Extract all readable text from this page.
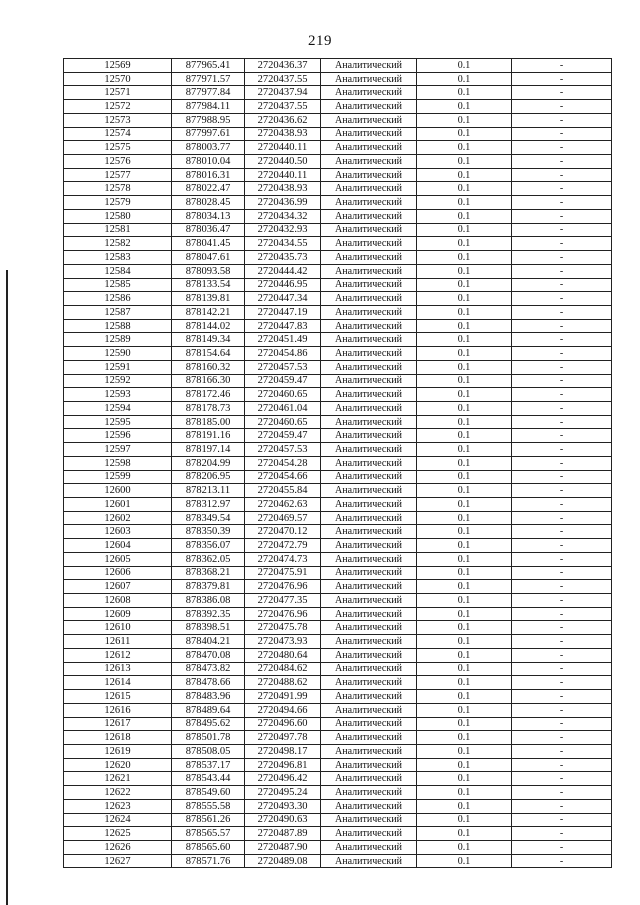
219
12569	877965.41	2720436.37	Аналитический	0.1	-
12570	877971.57	2720437.55	Аналитический	0.1	-
12571	877977.84	2720437.94	Аналитический	0.1	-
12572	877984.11	2720437.55	Аналитический	0.1	-
12573	877988.95	2720436.62	Аналитический	0.1	-
12574	877997.61	2720438.93	Аналитический	0.1	-
12575	878003.77	2720440.11	Аналитический	0.1	-
12576	878010.04	2720440.50	Аналитический	0.1	-
12577	878016.31	2720440.11	Аналитический	0.1	-
12578	878022.47	2720438.93	Аналитический	0.1	-
12579	878028.45	2720436.99	Аналитический	0.1	-
12580	878034.13	2720434.32	Аналитический	0.1	-
12581	878036.47	2720432.93	Аналитический	0.1	-
12582	878041.45	2720434.55	Аналитический	0.1	-
12583	878047.61	2720435.73	Аналитический	0.1	-
12584	878093.58	2720444.42	Аналитический	0.1	-
12585	878133.54	2720446.95	Аналитический	0.1	-
12586	878139.81	2720447.34	Аналитический	0.1	-
12587	878142.21	2720447.19	Аналитический	0.1	-
12588	878144.02	2720447.83	Аналитический	0.1	-
12589	878149.34	2720451.49	Аналитический	0.1	-
12590	878154.64	2720454.86	Аналитический	0.1	-
12591	878160.32	2720457.53	Аналитический	0.1	-
12592	878166.30	2720459.47	Аналитический	0.1	-
12593	878172.46	2720460.65	Аналитический	0.1	-
12594	878178.73	2720461.04	Аналитический	0.1	-
12595	878185.00	2720460.65	Аналитический	0.1	-
12596	878191.16	2720459.47	Аналитический	0.1	-
12597	878197.14	2720457.53	Аналитический	0.1	-
12598	878204.99	2720454.28	Аналитический	0.1	-
12599	878206.95	2720454.66	Аналитический	0.1	-
12600	878213.11	2720455.84	Аналитический	0.1	-
12601	878312.97	2720462.63	Аналитический	0.1	-
12602	878349.54	2720469.57	Аналитический	0.1	-
12603	878350.39	2720470.12	Аналитический	0.1	-
12604	878356.07	2720472.79	Аналитический	0.1	-
12605	878362.05	2720474.73	Аналитический	0.1	-
12606	878368.21	2720475.91	Аналитический	0.1	-
12607	878379.81	2720476.96	Аналитический	0.1	-
12608	878386.08	2720477.35	Аналитический	0.1	-
12609	878392.35	2720476.96	Аналитический	0.1	-
12610	878398.51	2720475.78	Аналитический	0.1	-
12611	878404.21	2720473.93	Аналитический	0.1	-
12612	878470.08	2720480.64	Аналитический	0.1	-
12613	878473.82	2720484.62	Аналитический	0.1	-
12614	878478.66	2720488.62	Аналитический	0.1	-
12615	878483.96	2720491.99	Аналитический	0.1	-
12616	878489.64	2720494.66	Аналитический	0.1	-
12617	878495.62	2720496.60	Аналитический	0.1	-
12618	878501.78	2720497.78	Аналитический	0.1	-
12619	878508.05	2720498.17	Аналитический	0.1	-
12620	878537.17	2720496.81	Аналитический	0.1	-
12621	878543.44	2720496.42	Аналитический	0.1	-
12622	878549.60	2720495.24	Аналитический	0.1	-
12623	878555.58	2720493.30	Аналитический	0.1	-
12624	878561.26	2720490.63	Аналитический	0.1	-
12625	878565.57	2720487.89	Аналитический	0.1	-
12626	878565.60	2720487.90	Аналитический	0.1	-
12627	878571.76	2720489.08	Аналитический	0.1	-
